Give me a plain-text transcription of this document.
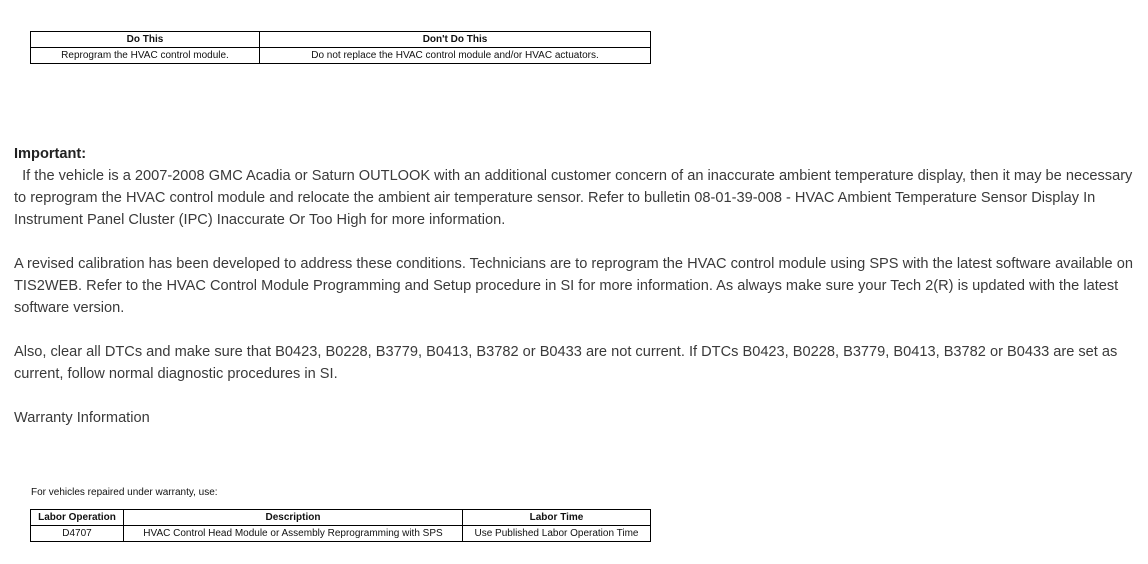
Do This	Don't Do This
Reprogram the HVAC control module.	Do not replace the HVAC control module and/or HVAC actuators.

Important:

If the vehicle is a 2007-2008 GMC Acadia or Saturn OUTLOOK with an additional customer concern of an inaccurate ambient temperature display, then it may be necessary to reprogram the HVAC control module and relocate the ambient air temperature sensor. Refer to bulletin 08-01-39-008 - HVAC Ambient Temperature Sensor Display In Instrument Panel Cluster (IPC) Inaccurate Or Too High for more information.

A revised calibration has been developed to address these conditions. Technicians are to reprogram the HVAC control module using SPS with the latest software available on TIS2WEB. Refer to the HVAC Control Module Programming and Setup procedure in SI for more information. As always make sure your Tech 2(R) is updated with the latest software version.

Also, clear all DTCs and make sure that B0423, B0228, B3779, B0413, B3782 or B0433 are not current. If DTCs B0423, B0228, B3779, B0413, B3782 or B0433 are set as current, follow normal diagnostic procedures in SI.

Warranty Information

For vehicles repaired under warranty, use:

Labor Operation	Description	Labor Time
D4707	HVAC Control Head Module or Assembly Reprogramming with SPS	Use Published Labor Operation Time
